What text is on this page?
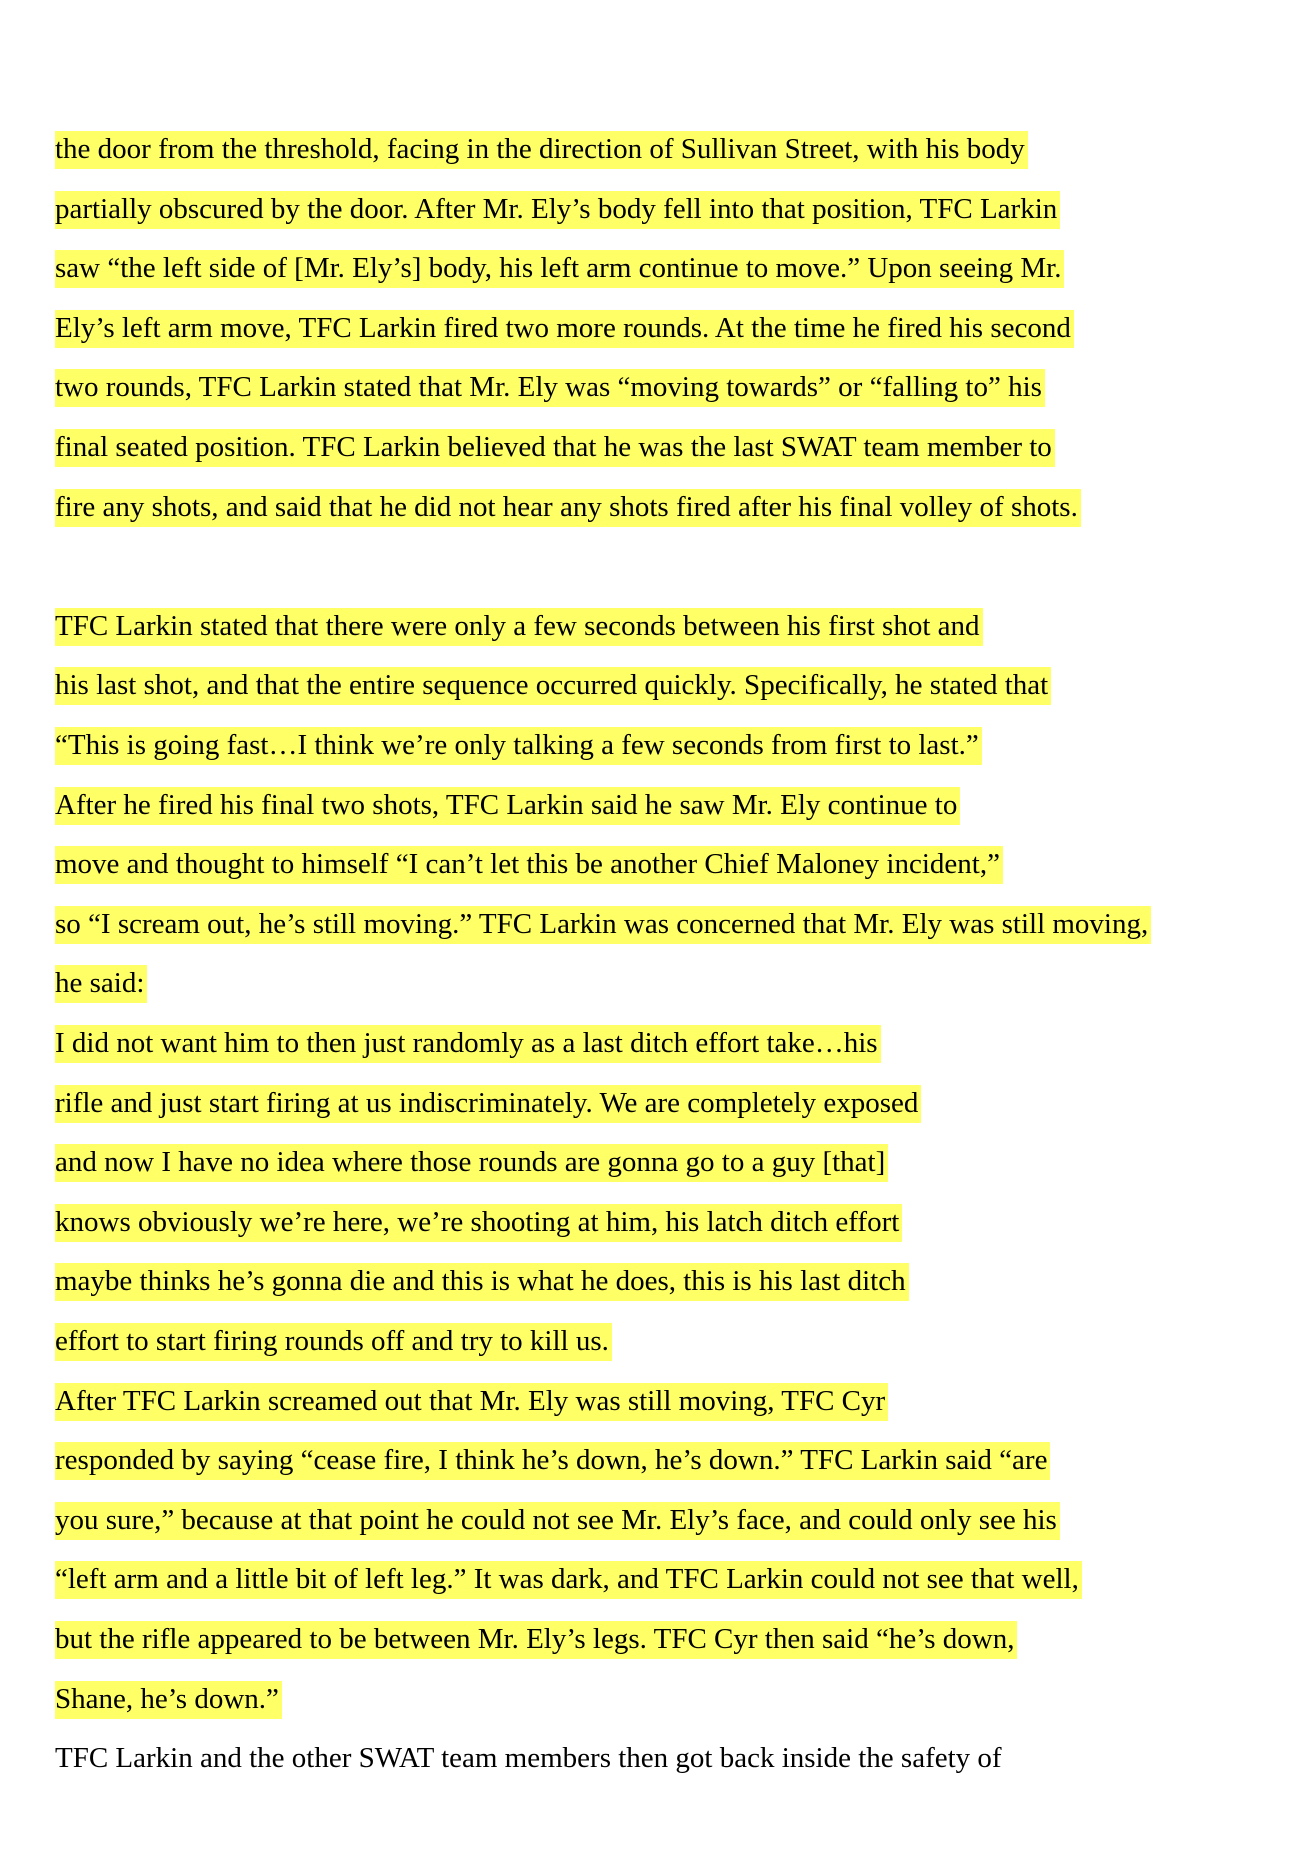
the door from the threshold, facing in the direction of Sullivan Street, with his body
partially obscured by the door. After Mr. Ely’s body fell into that position, TFC Larkin
saw “the left side of [Mr. Ely’s] body, his left arm continue to move.” Upon seeing Mr.
Ely’s left arm move, TFC Larkin fired two more rounds. At the time he fired his second
two rounds, TFC Larkin stated that Mr. Ely was “moving towards” or “falling to” his
final seated position. TFC Larkin believed that he was the last SWAT team member to
fire any shots, and said that he did not hear any shots fired after his final volley of shots.
TFC Larkin stated that there were only a few seconds between his first shot and
his last shot, and that the entire sequence occurred quickly. Specifically, he stated that
“This is going fast…I think we’re only talking a few seconds from first to last.”
After he fired his final two shots, TFC Larkin said he saw Mr. Ely continue to
move and thought to himself “I can’t let this be another Chief Maloney incident,”
so “I scream out, he’s still moving.” TFC Larkin was concerned that Mr. Ely was still moving,
he said:
I did not want him to then just randomly as a last ditch effort take…his
rifle and just start firing at us indiscriminately. We are completely exposed
and now I have no idea where those rounds are gonna go to a guy [that]
knows obviously we’re here, we’re shooting at him, his latch ditch effort
maybe thinks he’s gonna die and this is what he does, this is his last ditch
effort to start firing rounds off and try to kill us.
After TFC Larkin screamed out that Mr. Ely was still moving, TFC Cyr
responded by saying “cease fire, I think he’s down, he’s down.” TFC Larkin said “are
you sure,” because at that point he could not see Mr. Ely’s face, and could only see his
“left arm and a little bit of left leg.” It was dark, and TFC Larkin could not see that well,
but the rifle appeared to be between Mr. Ely’s legs. TFC Cyr then said “he’s down,
Shane, he’s down.”
TFC Larkin and the other SWAT team members then got back inside the safety of
